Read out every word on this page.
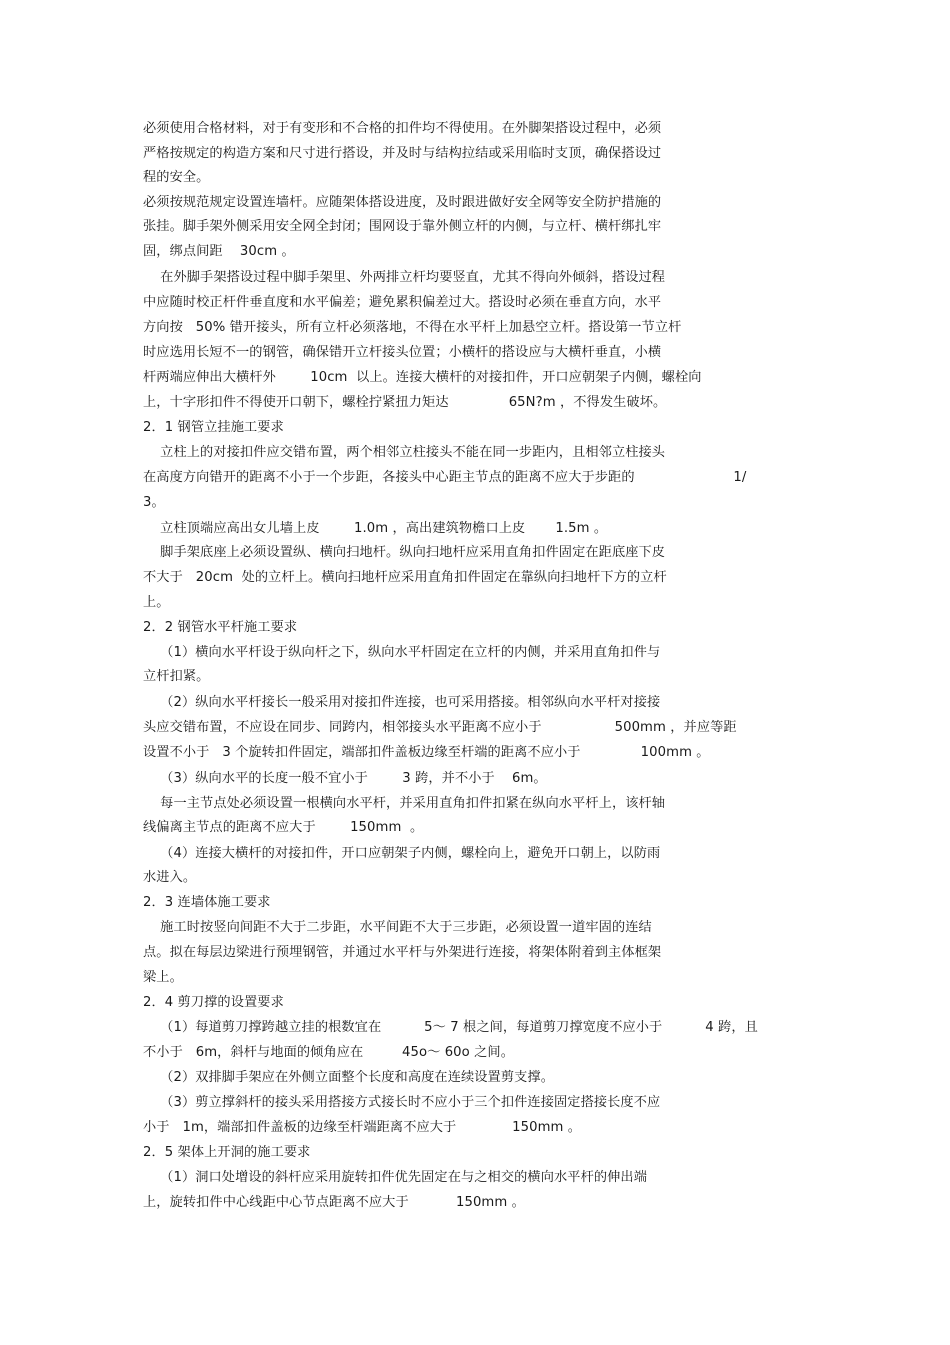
必须使用合格材料，对于有变形和不合格的扣件均不得使用。在外脚架搭设过程中，必须
严格按规定的构造方案和尺寸进行搭设，并及时与结构拉结或采用临时支顶，确保搭设过
程的安全。
必须按规范规定设置连墙杆。应随架体搭设进度，及时跟进做好安全网等安全防护措施的
张挂。脚手架外侧采用安全网全封闭；围网设于靠外侧立杆的内侧，与立杆、横杆绑扎牢
固，绑点间距    30cm 。
在外脚手架搭设过程中脚手架里、外两排立杆均要竖直，尤其不得向外倾斜，搭设过程
中应随时校正杆件垂直度和水平偏差；避免累积偏差过大。搭设时必须在垂直方向，水平
方向按   50% 错开接头，所有立杆必须落地，不得在水平杆上加悬空立杆。搭设第一节立杆
时应选用长短不一的钢管，确保错开立杆接头位置；小横杆的搭设应与大横杆垂直，小横
杆两端应伸出大横杆外        10cm  以上。连接大横杆的对接扣件，开口应朝架子内侧，螺栓向
上，十字形扣件不得使开口朝下，螺栓拧紧扭力矩达              65N?m ，不得发生破坏。
2．1 钢管立挂施工要求
立柱上的对接扣件应交错布置，两个相邻立柱接头不能在同一步距内，且相邻立柱接头
在高度方向错开的距离不小于一个步距，各接头中心距主节点的距离不应大于步距的                       1/
3。
立柱顶端应高出女儿墙上皮        1.0m ，高出建筑物檐口上皮       1.5m 。
脚手架底座上必须设置纵、横向扫地杆。纵向扫地杆应采用直角扣件固定在距底座下皮
不大于   20cm  处的立杆上。横向扫地杆应采用直角扣件固定在靠纵向扫地杆下方的立杆
上。
2．2 钢管水平杆施工要求
（1）横向水平杆设于纵向杆之下，纵向水平杆固定在立杆的内侧，并采用直角扣件与
立杆扣紧。
（2）纵向水平杆接长一般采用对接扣件连接，也可采用搭接。相邻纵向水平杆对接接
头应交错布置，不应设在同步、同跨内，相邻接头水平距离不应小于                 500mm ，并应等距
设置不小于   3 个旋转扣件固定，端部扣件盖板边缘至杆端的距离不应小于              100mm 。
（3）纵向水平的长度一般不宜小于        3 跨，并不小于    6m。
每一主节点处必须设置一根横向水平杆，并采用直角扣件扣紧在纵向水平杆上，该杆轴
线偏离主节点的距离不应大于        150mm  。
（4）连接大横杆的对接扣件，开口应朝架子内侧，螺栓向上，避免开口朝上，以防雨
水进入。
2．3 连墙体施工要求
施工时按竖向间距不大于二步距，水平间距不大于三步距，必须设置一道牢固的连结
点。拟在每层边梁进行预埋钢管，并通过水平杆与外架进行连接，将架体附着到主体框架
梁上。
2．4 剪刀撑的设置要求
（1）每道剪刀撑跨越立挂的根数宜在          5～ 7 根之间，每道剪刀撑宽度不应小于          4 跨，且
不小于   6m，斜杆与地面的倾角应在         45o～ 60o 之间。
（2）双排脚手架应在外侧立面整个长度和高度在连续设置剪支撑。
（3）剪立撑斜杆的接头采用搭接方式接长时不应小于三个扣件连接固定搭接长度不应
小于   1m，端部扣件盖板的边缘至杆端距离不应大于             150mm 。
2．5 架体上开洞的施工要求
（1）洞口处增设的斜杆应采用旋转扣件优先固定在与之相交的横向水平杆的伸出端
上，旋转扣件中心线距中心节点距离不应大于           150mm 。
